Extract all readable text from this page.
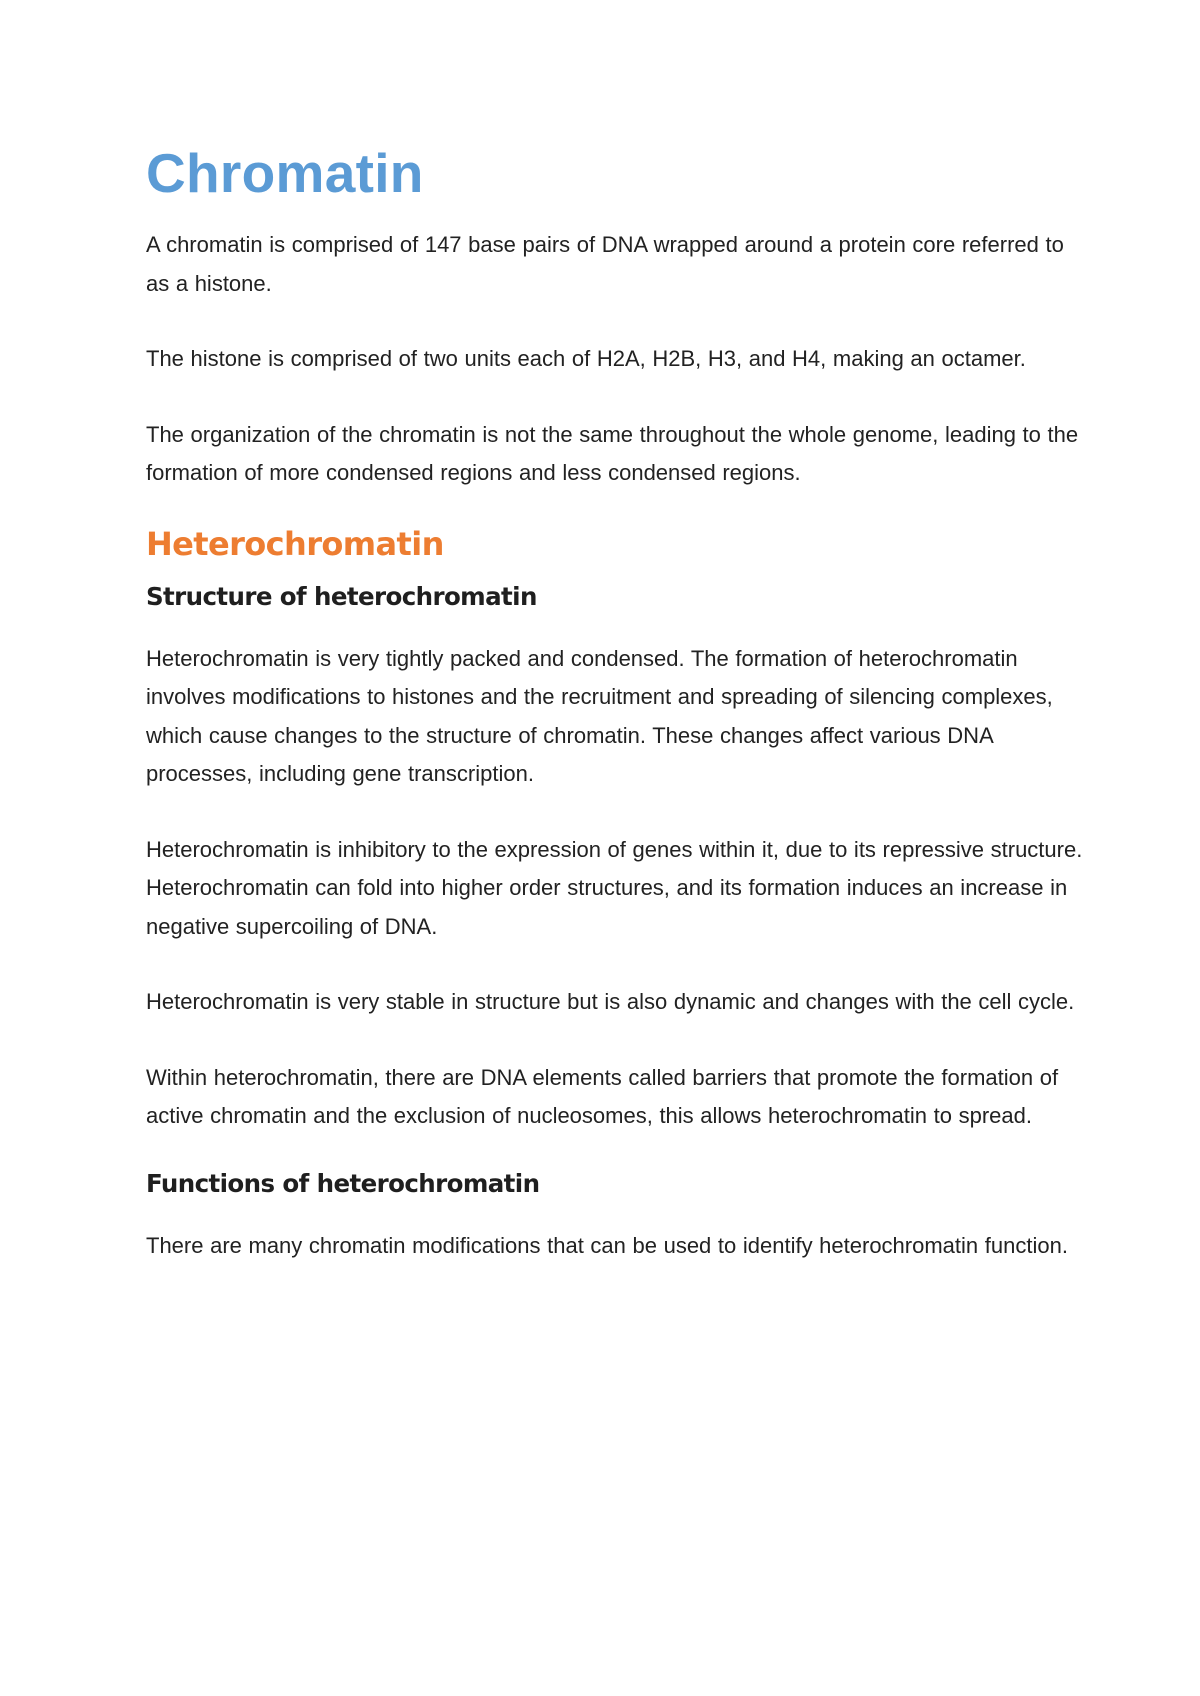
Chromatin

A chromatin is comprised of 147 base pairs of DNA wrapped around a protein core referred to as a histone.

The histone is comprised of two units each of H2A, H2B, H3, and H4, making an octamer.

The organization of the chromatin is not the same throughout the whole genome, leading to the formation of more condensed regions and less condensed regions.

Heterochromatin
Structure of heterochromatin

Heterochromatin is very tightly packed and condensed. The formation of heterochromatin involves modifications to histones and the recruitment and spreading of silencing complexes, which cause changes to the structure of chromatin. These changes affect various DNA processes, including gene transcription.

Heterochromatin is inhibitory to the expression of genes within it, due to its repressive structure. Heterochromatin can fold into higher order structures, and its formation induces an increase in negative supercoiling of DNA.

Heterochromatin is very stable in structure but is also dynamic and changes with the cell cycle.

Within heterochromatin, there are DNA elements called barriers that promote the formation of active chromatin and the exclusion of nucleosomes, this allows heterochromatin to spread.

Functions of heterochromatin

There are many chromatin modifications that can be used to identify heterochromatin function.
